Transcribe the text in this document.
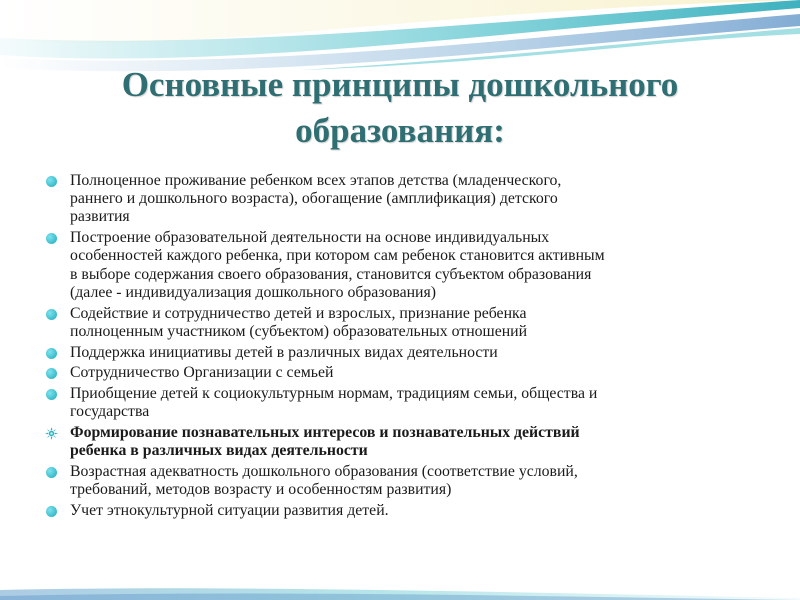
Основные принципы дошкольного
образования:
Полноценное проживание ребенком всех этапов детства (младенческого,
раннего и дошкольного возраста), обогащение (амплификация) детского
развития
Построение образовательной деятельности на основе индивидуальных
особенностей каждого ребенка, при котором сам ребенок становится активным
в выборе содержания своего образования, становится субъектом образования
(далее - индивидуализация дошкольного образования)
Содействие и сотрудничество детей и взрослых, признание ребенка
полноценным участником (субъектом) образовательных отношений
Поддержка инициативы детей в различных видах деятельности
Сотрудничество Организации с семьей
Приобщение детей к социокультурным нормам, традициям семьи, общества и
государства
Формирование познавательных интересов и познавательных действий
ребенка в различных видах деятельности
Возрастная адекватность дошкольного образования (соответствие условий,
требований, методов возрасту и особенностям развития)
Учет этнокультурной ситуации развития детей.
